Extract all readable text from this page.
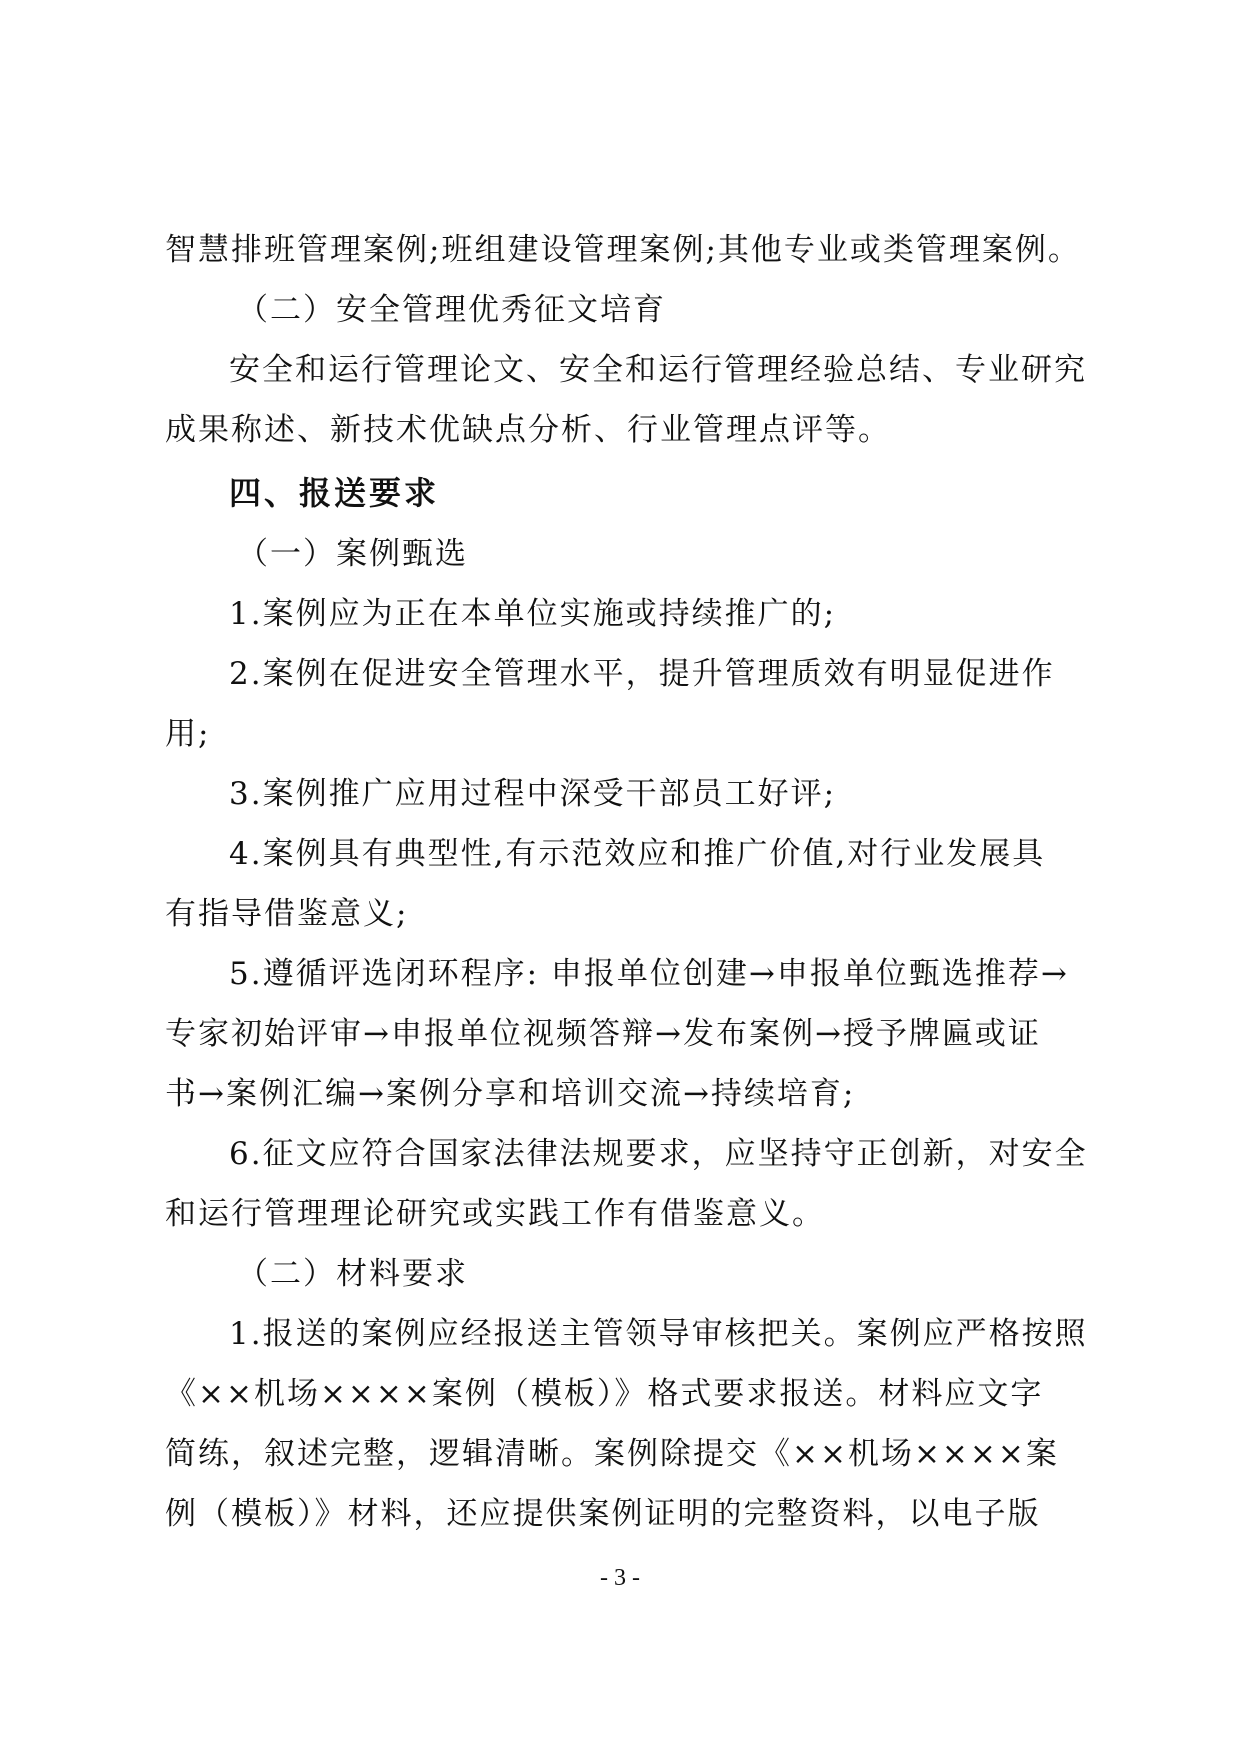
智慧排班管理案例;班组建设管理案例;其他专业或类管理案例。
（二）安全管理优秀征文培育
安全和运行管理论文、安全和运行管理经验总结、专业研究
成果称述、新技术优缺点分析、行业管理点评等。
四、报送要求
（一）案例甄选
1.案例应为正在本单位实施或持续推广的;
2.案例在促进安全管理水平，提升管理质效有明显促进作
用;
3.案例推广应用过程中深受干部员工好评;
4.案例具有典型性,有示范效应和推广价值,对行业发展具
有指导借鉴意义;
5.遵循评选闭环程序: 申报单位创建→申报单位甄选推荐→
专家初始评审→申报单位视频答辩→发布案例→授予牌匾或证
书→案例汇编→案例分享和培训交流→持续培育;
6.征文应符合国家法律法规要求，应坚持守正创新，对安全
和运行管理理论研究或实践工作有借鉴意义。
（二）材料要求
1.报送的案例应经报送主管领导审核把关。案例应严格按照
《××机场××××案例（模板）》格式要求报送。材料应文字
简练，叙述完整，逻辑清晰。案例除提交《××机场××××案
例（模板）》材料，还应提供案例证明的完整资料，以电子版
- 3 -
